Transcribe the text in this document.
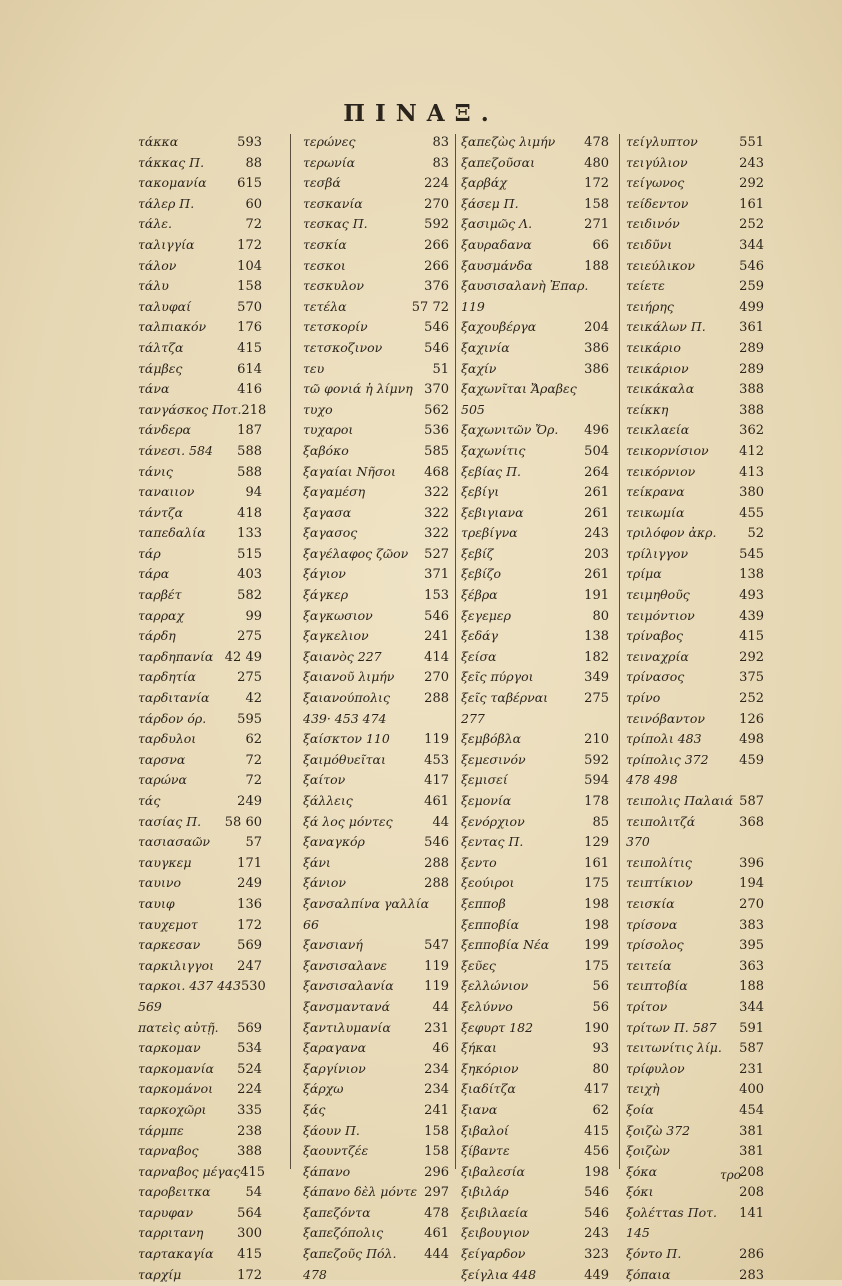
ΠΙΝΑΞ.
τάκκα	593
τάκκας Π.	88
τακομανία 615
τάλερ Π.	60
τάλε.	72
ταλιγγία	172
τάλον	104
τάλυ	158
ταλυφαί	570
ταλπιακόν 176
τάλτζα	415
τάμβες	614
τάνα	416
τανγάσκος Ποτ. 218
τάνδερα	187
τάνεσι. 584 588
τάνις	588
ταναιιον	94
τάντζα	418
ταπεδαλία 133
τάρ	515
τάρα	403
ταρβέτ	582
ταρραχ	99
τάρδη	275
ταρδηπανία 42 49
ταρδητία	275
ταρδιτανία	42
τάρδον όρ. 595
ταρδυλοι	62
ταρσνα	72
ταρώνα	72
τάς	249
τασίας Π. 58 60
τασιασαῶν	57
ταυγκεμ	171
ταυινο	249
ταυιφ	136
ταυχεμοτ	172
ταρκεσαν	569
ταρκιλιγγοι 247
ταρκοι. 437 443 530
569
πατεὶς αὐτῇ. 569
ταρκομαν	534
ταρκομανία 524
ταρκομάνοι 224
ταρκοχῶρι 335
τάρμπε	238
ταρναβος	388
ταρναβος μέγας 415
ταροβειτκα	54
ταρυφαν	564
ταρριτανη	300
ταρτακαγία 415
ταρχίμ	172
τερώνες	83
τερωνία	83
τεσβά	224
τεσκανία	270
τεσκας Π.	592
τεσκία	266
τεσκοι	266
τεσκυλον	376
τετέλα	57 72
τετσκορίν	546
τετσκοζινον	546
τευ	51
τῶ φονιά ἡ λίμνη 370
τυχο	562
τυχαροι	536
ξαβόκο	585
ξαγαίαι Νῆσοι 468
ξαγαμέση	322
ξαγασα	322
ξαγασος	322
ξαγέλαφος ζῶον 527
ξάγιον	371
ξάγκερ	153
ξαγκωσιον	546
ξαγκελιον	241
ξαιανὸς 227	414
ξαιανοῦ λιμήν 270
ξαιανούπολις	288
439· 453 474
ξαίσκτον 110	119
ξαιμόθυεῖται	453
ξαίτον	417
ξάλλεις	461
ξά λος μόντες	44
ξαναγκόρ	546
ξάνι	288
ξάνιον	288
ξανσαλπίνα γαλλία
66
ξανσιανή	547
ξανσισαλανε	119
ξανσισαλανία 119
ξανσμαντανά	44
ξαντιλυμανία	231
ξαραγανα	46
ξαργίνιον	234
ξάρχω	234
ξάς	241
ξάουν Π.	158
ξαουντζέε	158
ξάπανο	296
ξάπανο δὲλ μόντε 297
ξαπεζόντα	478
ξαπεζόπολις	461
ξαπεζοῦς Πόλ. 444
478
ξαπεζὼς λιμήν 478
ξαπεζοῦσαι	480
ξαρβάχ	172
ξάσεμ Π.	158
ξασιμῶς Λ.	271
ξαυραδανα	66
ξαυσμάνδα	188
ξαυσισαλανὴ Ἐπαρ.
119
ξαχουβέργα	204
ξαχινία	386
ξαχίν	386
ξαχωνῖται Ἄραβες
505
ξαχωνιτῶν Ὄρ. 496
ξαχωνίτις	504
ξεβίας Π.	264
ξεβίγι	261
ξεβιγιανα	261
τρεβίγνα	243
ξεβίζ	203
ξεβίζο	261
ξέβρα	191
ξεγεμερ	80
ξεδάγ	138
ξείσα	182
ξεῖς πύργοι	349
ξεῖς ταβέρναι	275
277
ξεμβόβλα	210
ξεμεσινόν	592
ξεμισεί	594
ξεμονία	178
ξενόρχιον	85
ξεντας Π.	129
ξεντο	161
ξεούιροι	175
ξεπποβ	198
ξεπποβία	198
ξεπποβία Νέα	199
ξεῦες	175
ξελλώνιον	56
ξελύννο	56
ξεφυρτ 182	190
ξήκαι	93
ξηκόριον	80
ξιαδίτζα	417
ξιανα	62
ξιβαλοί	415
ξίβαντε	456
ξιβαλεσία	198
ξιβιλάρ	546
ξειβιλαεία	546
ξειβουγιον	243
ξείγαρδον	323
ξείγλια 448	449
τείγλυπτον	551
τειγύλιον	243
τείγωνος	292
τείδεντον	161
τειδινόν	252
τειδῦνι	344
τειεύλικον	546
τείετε	259
τειήρης	499
τεικάλων Π.	361
τεικάριο	289
τεικάριον	289
τεικάκαλα	388
τείκκη	388
τεικλαεία	362
τεικορνίσιον 412
τεικόρνιον	413
τείκρανα	380
τεικωμία	455
τριλόφον ἀκρ. 52
τρίλιγγον	545
τρίμα	138
τειμηθοῦς	493
τειμόντιον	439
τρίναβος	415
τειναχρία	292
τρίνασος	375
τρίνο	252
τεινόβαντον	126
τρίπολι 483	498
τρίπολις 372 459
478 498
τειπολις Παλαιά 587
τειπολιτζά	368
370
τειπολίτις	396
τειπτίκιον	194
τεισκία	270
τρίσονα	383
τρίσολος	395
τειτεία	363
τειπτοβία	188
τρίτον	344
τρίτων Π. 587 591
τειτωνίτις λίμ. 587
τρίφυλον	231
τειχὴ	400
ξοία	454
ξοιζὼ 372	381
ξοιζὼν	381
ξόκα	208
ξόκι	208
ξολέτταs Ποτ. 141
145
ξόντο Π.	286
ξόπαια	283
τρο-
